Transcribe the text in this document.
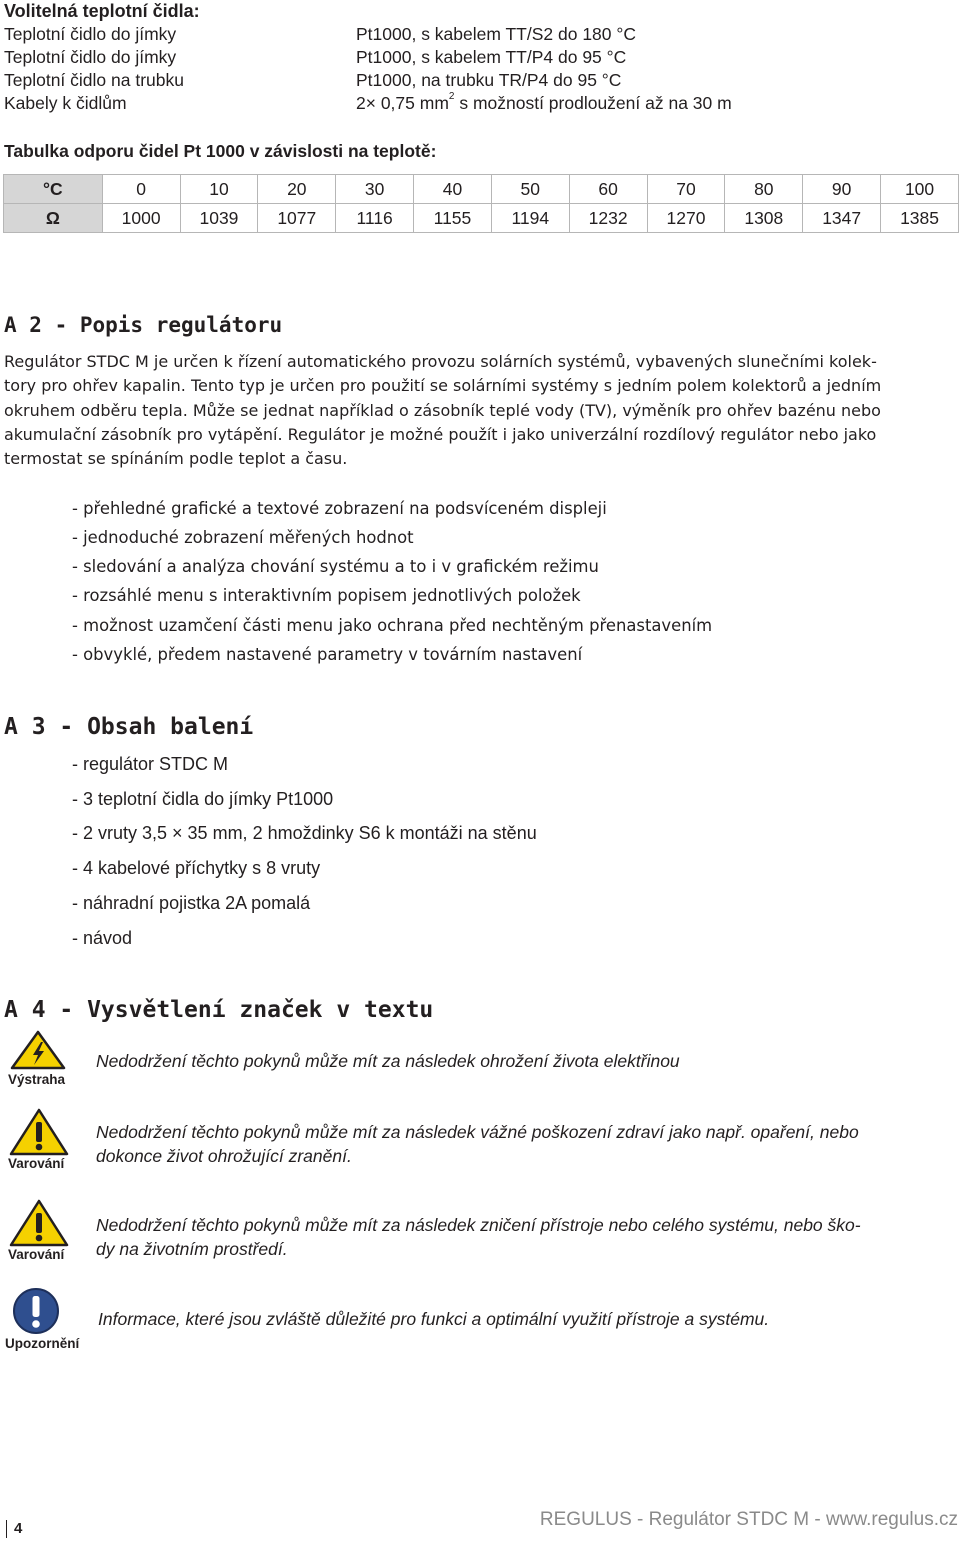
Volitelná teplotní čidla:
Teplotní čidlo do jímky	Pt1000, s kabelem TT/S2 do 180 °C
Teplotní čidlo do jímky	Pt1000, s kabelem TT/P4 do 95 °C
Teplotní čidlo na trubku	Pt1000, na trubku TR/P4 do 95 °C
Kabely k čidlům	2× 0,75 $mm^2$ s možností prodloužení až na 30 m
Tabulka odporu čidel Pt 1000 v závislosti na teplotě:
°C	0	10	20	30	40	50	60	70	80	90	100
Ω	1000	1039	1077	1116	1155	1194	1232	1270	1308	1347	1385
A 2 - Popis regulátoru

Regulátor STDC M je určen k řízení automatického provozu solárních systémů, vybavených slunečními kolek-

tory pro ohřev kapalin. Tento typ je určen pro použití se solárními systémy s jedním polem kolektorů a jedním

okruhem odběru tepla. Může se jednat například o zásobník teplé vody (TV), výměník pro ohřev bazénu nebo

akumulační zásobník pro vytápění. Regulátor je možné použít i jako univerzální rozdílový regulátor nebo jako

termostat se spínáním podle teplot a času.

- přehledné grafické a textové zobrazení na podsvíceném displeji
- jednoduché zobrazení měřených hodnot
- sledování a analýza chování systému a to i v grafickém režimu
- rozsáhlé menu s interaktivním popisem jednotlivých položek
- možnost uzamčení části menu jako ochrana před nechtěným přenastavením
- obvyklé, předem nastavené parametry v továrním nastavení
A 3 - Obsah balení
- regulátor STDC M
- 3 teplotní čidla do jímky Pt1000
- 2 vruty 3,5 × 35 mm, 2 hmoždinky S6 k montáži na stěnu
- 4 kabelové příchytky s 8 vruty
- náhradní pojistka 2A pomalá
- návod
A 4 - Vysvětlení značek v textu
Výstraha
Nedodržení těchto pokynů může mít za následek ohrožení života elektřinou
Varování
Nedodržení těchto pokynů může mít za následek vážné poškození zdraví jako např. opaření, nebo
dokonce život ohrožující zranění.
Varování
Nedodržení těchto pokynů může mít za následek zničení přístroje nebo celého systému, nebo ško-
dy na životním prostředí.
Upozornění
Informace, které jsou zvláště důležité pro funkci a optimální využití přístroje a systému.
4	REGULUS - Regulátor STDC M - www.regulus.cz
